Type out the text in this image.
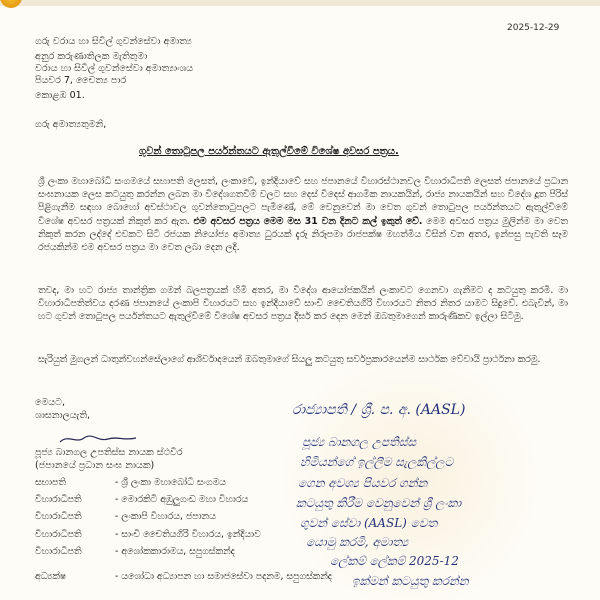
2025-12-29
ගරු වරාය හා සිවිල් ගුවන්සේවා අමාත්‍ය
අනුර කරුණාතිලක මැතිතුමා
වරාය හා සිවිල් ගුවන්සේවා අමාත්‍යාංශය
පියවර 7, චෛත්‍ය පාර
කොළඹ 01.
ගරු අමාත්‍යතුමනි,
ගුවන් තොටුපල පර්යන්තයට ඇතුල්වීමේ විශේෂ අවසර පත්‍රය.
ශ්‍රී ලංකා මහාබෝධි සංගමයේ සභාපති ලෙසත්, ලංකාවේ, ඉන්දියාවේ සහ ජපානයේ විහාරස්ථානවල විහාරාධිපති ලෙසත් ජපානයේ ප්‍රධාන සංඝනායක ලෙස කටයුතු කරන්න ලබන මා විදේශගතවීම් වලට සහ දෙස් විදෙස් ආගමික නායකයින්, රාජ්‍ය නායකයින් සහ විදේශ දූත පිරිස් පිළිගැනීම සඳහා බොහෝ අවස්ථාවල ගුවන්තොටුපලට පැමිණේ, මේ වෙනුවෙන් මා වෙත ගුවන් තොටුපල පර්යන්තයට ඇතුල්වීමේ විශේෂ අවසර පත්‍රයක් නිකුත් කර ඇත. එම අවසර පත්‍රය මෙම මස 31 වන දිනට කල් ඉකුත් වේ. මෙම අවසර පත්‍රය මුලින්ම මා වෙත නිකුත් කරන ලද්දේ එවකට සිටි රජයක නියෝජ්‍ය අමාත්‍ය ධුරයක් දැරූ නිරූපමා රාජපක්ෂ මහත්මිය විසින් වන අතර, ඉන්පසු පැවති සෑම රජයකින්ම එම අවසර පත්‍රය මා වෙත ලබා දෙන ලදි.
තවද, මා හට රාජ්‍ය තාන්ත්‍රික ගමන් බලපත්‍රයක් හිමි අතර, මා විදේශ ආයෝජකයින් ලංකාවට ගෙනවා ගැනීමට ද කටයුතු කරමි. මා විහාරාධිපතිත්වය දරණ ජපානයේ ලංකාපි විහාරයට සහ ඉන්දියාවේ සාංචි චෛතියගිරි විහාරයට නිතර නිතර යාමට සිදුවේ. එබැවින්, මා හට ගුවන් තොටුපල පර්යන්තයට ඇතුල්වීමේ විශේෂ අවසර පත්‍රය දීර්ඝ කර දෙන මෙන් ඔබතුමාගෙන් කාරුණිකව ඉල්ලා සිටිමු.
සැරියුත් මුගලන් ධාතුන්වහන්සේලාගේ ආශිර්වාදයෙන් ඔබතුමාගේ සියලු කටයුතු සර්වප්‍රකාරයෙන්ම සාර්ථක වේවායි ප්‍රාර්ථනා කරමු.
මෙයට,
ශාසනාලයැති,
පූජ්‍ය බානගල උපතිස්ස නායක ස්ථවිර
(ජපානයේ ප්‍රධාන සංඝ නායක)
සභාපති	- ශ්‍රී ලංකා මහාබෝධි සංගමය
විහාරාධිපති	- මොරකිටි අඹුලුගංඩ මහා විහාරය
විහාරාධිපති	- ලංකාපි විහාරය, ජපානය
විහාරාධිපති	- සාංචි චෛතියගිරි විහාරය, ඉන්දියාව
විහාරාධිපති	- අශෝකකාරාමය, සපුගස්කන්ද
අධ්‍යක්ෂ	- යශෝධා අධ්‍යාපන හා සමාජසේවා පදනම, සපුගස්කන්ද
රාජ්‍යාපති / ශ්‍රී. ප. අ. (AASL)
පූජ්‍ය බානගල උපතිස්ස
හිමියන්ගේ ඉල්ලීම සැලකිල්ලට
ගෙන අවශ්‍ය පියවර ගන්න
කටයුතු කිරීම වෙනුවෙන් ශ්‍රී ලංකා
ගුවන් සේවා (AASL) වෙත
යොමු කරමි, අමාත්‍ය
ලේකම් ලේකම් 2025-12
ඉක්මන් කටයුතු කරන්න
